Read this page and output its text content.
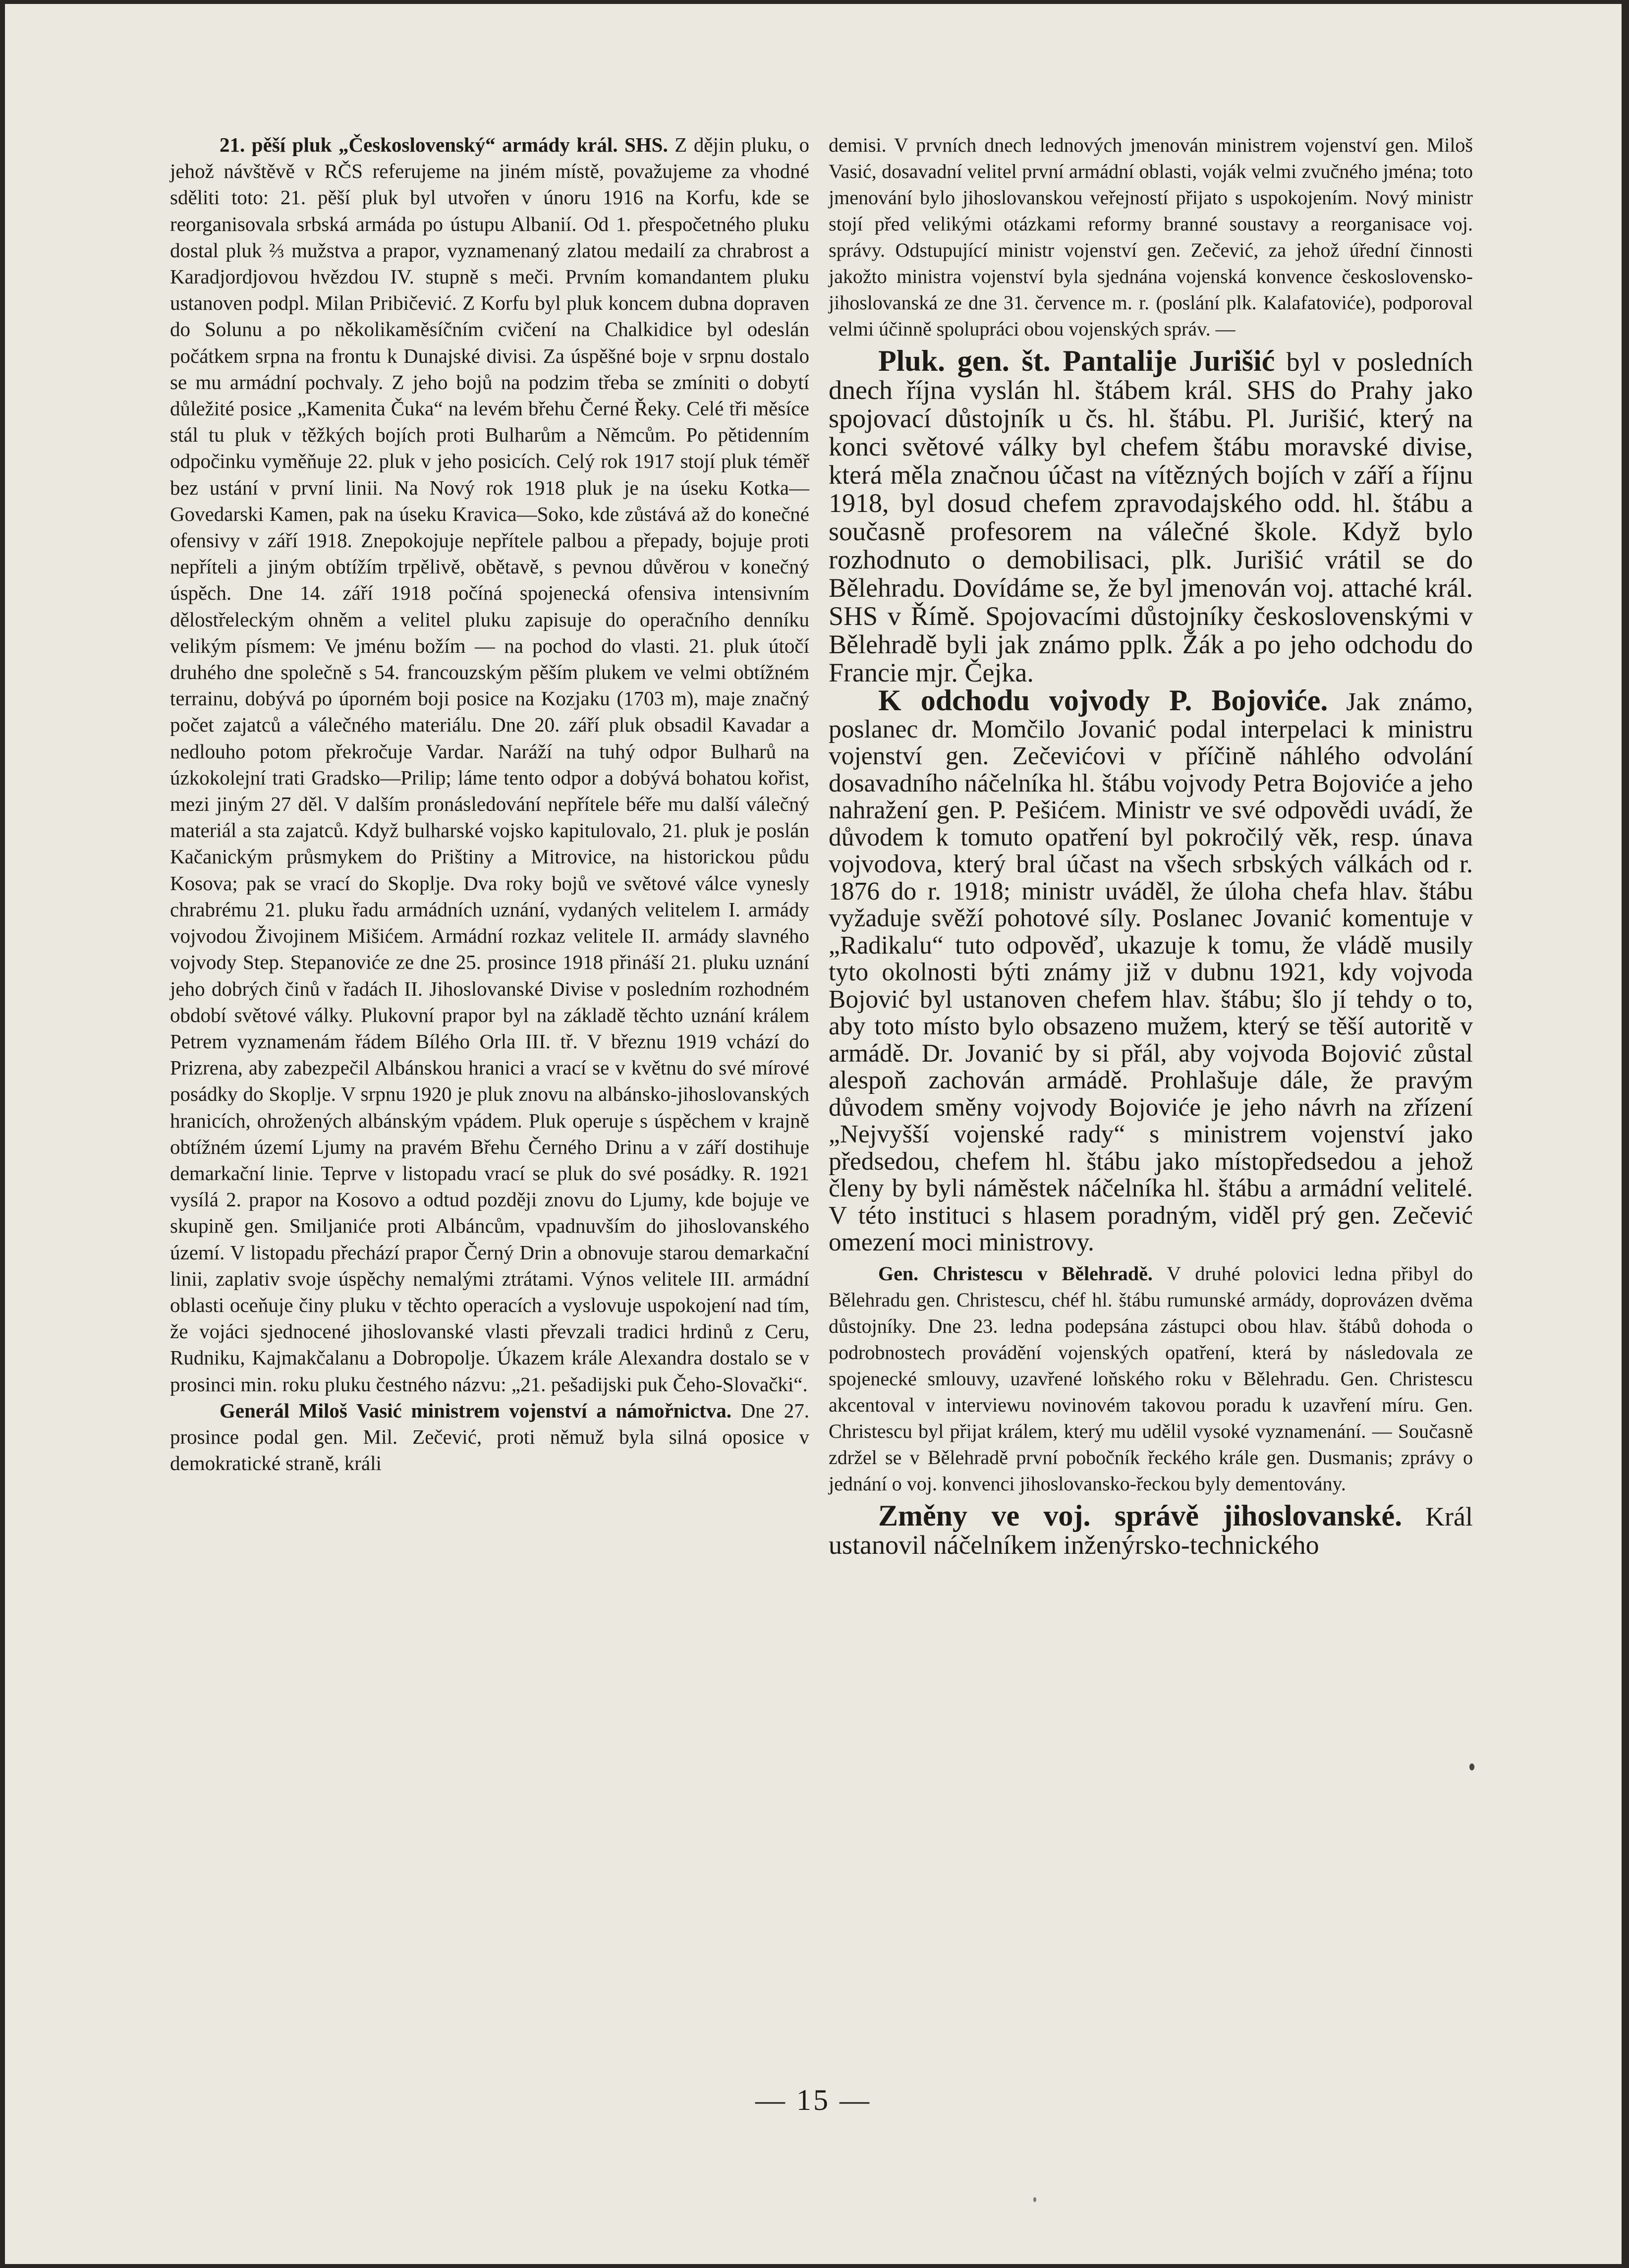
21. pěší pluk „Československý“ armády král. SHS. Z dějin pluku, o jehož návštěvě v RČS referujeme na jiném místě, považujeme za vhodné sděliti toto: 21. pěší pluk byl utvořen v únoru 1916 na Korfu, kde se reorganisovala srbská armáda po ústupu Albanií. Od 1. přespočetného pluku dostal pluk ⅔ mužstva a prapor, vyznamenaný zlatou medailí za chrabrost a Karadjordjovou hvězdou IV. stupně s meči. Prvním komandantem pluku ustanoven podpl. Milan Pribičević. Z Korfu byl pluk koncem dubna dopraven do Solunu a po několikaměsíčním cvičení na Chalkidice byl odeslán počátkem srpna na frontu k Dunajské divisi. Za úspěšné boje v srpnu dostalo se mu armádní pochvaly. Z jeho bojů na podzim třeba se zmíniti o dobytí důležité posice „Kamenita Čuka“ na levém břehu Černé Řeky. Celé tři měsíce stál tu pluk v těžkých bojích proti Bulharům a Němcům. Po pětidenním odpočinku vyměňuje 22. pluk v jeho posicích. Celý rok 1917 stojí pluk téměř bez ustání v první linii. Na Nový rok 1918 pluk je na úseku Kotka—Govedarski Kamen, pak na úseku Kravica—Soko, kde zůstává až do konečné ofensivy v září 1918. Znepokojuje nepřítele palbou a přepady, bojuje proti nepříteli a jiným obtížím trpělivě, obětavě, s pevnou důvěrou v konečný úspěch. Dne 14. září 1918 počíná spojenecká ofensiva intensivním dělostřeleckým ohněm a velitel pluku zapisuje do operačního denníku velikým písmem: Ve jménu božím — na pochod do vlasti. 21. pluk útočí druhého dne společně s 54. francouzským pěším plukem ve velmi obtížném terrainu, dobývá po úporném boji posice na Kozjaku (1703 m), maje značný počet zajatců a válečného materiálu. Dne 20. září pluk obsadil Kavadar a nedlouho potom překročuje Vardar. Naráží na tuhý odpor Bulharů na úzkokolejní trati Gradsko—Prilip; láme tento odpor a dobývá bohatou kořist, mezi jiným 27 děl. V dalším pronásledování nepřítele béře mu další válečný materiál a sta zajatců. Když bulharské vojsko kapitulovalo, 21. pluk je poslán Kačanickým průsmykem do Prištiny a Mitrovice, na historickou půdu Kosova; pak se vrací do Skoplje. Dva roky bojů ve světové válce vynesly chrabrému 21. pluku řadu armádních uznání, vydaných velitelem I. armády vojvodou Živojinem Mišićem. Armádní rozkaz velitele II. armády slavného vojvody Step. Stepanoviće ze dne 25. prosince 1918 přináší 21. pluku uznání jeho dobrých činů v řadách II. Jihoslovanské Divise v posledním rozhodném období světové války. Plukovní prapor byl na základě těchto uznání králem Petrem vyznamenám řádem Bílého Orla III. tř. V březnu 1919 vchází do Prizrena, aby zabezpečil Albánskou hranici a vrací se v květnu do své mírové posádky do Skoplje. V srpnu 1920 je pluk znovu na albánsko-jihoslovanských hranicích, ohrožených albánským vpádem. Pluk operuje s úspěchem v krajně obtížném území Ljumy na pravém Břehu Černého Drinu a v září dostihuje demarkační linie. Teprve v listopadu vrací se pluk do své posádky. R. 1921 vysílá 2. prapor na Kosovo a odtud později znovu do Ljumy, kde bojuje ve skupině gen. Smiljaniće proti Albáncům, vpadnuvším do jihoslovanského území. V listopadu přechází prapor Černý Drin a obnovuje starou demarkační linii, zaplativ svoje úspěchy nemalými ztrátami. Výnos velitele III. armádní oblasti oceňuje činy pluku v těchto operacích a vyslovuje uspokojení nad tím, že vojáci sjednocené jihoslovanské vlasti převzali tradici hrdinů z Ceru, Rudniku, Kajmakčalanu a Dobropolje. Úkazem krále Alexandra dostalo se v prosinci min. roku pluku čestného názvu: „21. pešadijski puk Čeho-Slovački“.

Generál Miloš Vasić ministrem vojenství a námořnictva. Dne 27. prosince podal gen. Mil. Zečević, proti němuž byla silná oposice v demokratické straně, králi

demisi. V prvních dnech lednových jmenován ministrem vojenství gen. Miloš Vasić, dosavadní velitel první armádní oblasti, voják velmi zvučného jména; toto jmenování bylo jihoslovanskou veřejností přijato s uspokojením. Nový ministr stojí před velikými otázkami reformy branné soustavy a reorganisace voj. správy. Odstupující ministr vojenství gen. Zečević, za jehož úřední činnosti jakožto ministra vojenství byla sjednána vojenská konvence československo-jihoslovanská ze dne 31. července m. r. (poslání plk. Kalafatoviće), podporoval velmi účinně spolupráci obou vojenských správ. —

Pluk. gen. št. Pantalije Jurišić byl v posledních dnech října vyslán hl. štábem král. SHS do Prahy jako spojovací důstojník u čs. hl. štábu. Pl. Jurišić, který na konci světové války byl chefem štábu moravské divise, která měla značnou účast na vítězných bojích v září a říjnu 1918, byl dosud chefem zpravodajského odd. hl. štábu a současně profesorem na válečné škole. Když bylo rozhodnuto o demobilisaci, plk. Jurišić vrátil se do Bělehradu. Dovídáme se, že byl jmenován voj. attaché král. SHS v Římě. Spojovacími důstojníky československými v Bělehradě byli jak známo pplk. Žák a po jeho odchodu do Francie mjr. Čejka.

K odchodu vojvody P. Bojoviće. Jak známo, poslanec dr. Momčilo Jovanić podal interpelaci k ministru vojenství gen. Zečevićovi v příčině náhlého odvolání dosavadního náčelníka hl. štábu vojvody Petra Bojoviće a jeho nahražení gen. P. Pešićem. Ministr ve své odpovědi uvádí, že důvodem k tomuto opatření byl pokročilý věk, resp. únava vojvodova, který bral účast na všech srbských válkách od r. 1876 do r. 1918; ministr uváděl, že úloha chefa hlav. štábu vyžaduje svěží pohotové síly. Poslanec Jovanić komentuje v „Radikalu“ tuto odpověď, ukazuje k tomu, že vládě musily tyto okolnosti býti známy již v dubnu 1921, kdy vojvoda Bojović byl ustanoven chefem hlav. štábu; šlo jí tehdy o to, aby toto místo bylo obsazeno mužem, který se těší autoritě v armádě. Dr. Jovanić by si přál, aby vojvoda Bojović zůstal alespoň zachován armádě. Prohlašuje dále, že pravým důvodem směny vojvody Bojoviće je jeho návrh na zřízení „Nejvyšší vojenské rady“ s ministrem vojenství jako předsedou, chefem hl. štábu jako místopředsedou a jehož členy by byli náměstek náčelníka hl. štábu a armádní velitelé. V této instituci s hlasem poradným, viděl prý gen. Zečević omezení moci ministrovy.

Gen. Christescu v Bělehradě. V druhé polovici ledna přibyl do Bělehradu gen. Christescu, chéf hl. štábu rumunské armády, doprovázen dvěma důstojníky. Dne 23. ledna podepsána zástupci obou hlav. štábů dohoda o podrobnostech provádění vojenských opatření, která by následovala ze spojenecké smlouvy, uzavřené loňského roku v Bělehradu. Gen. Christescu akcentoval v interviewu novinovém takovou poradu k uzavření míru. Gen. Christescu byl přijat králem, který mu udělil vysoké vyznamenání. — Současně zdržel se v Bělehradě první pobočník řeckého krále gen. Dusmanis; zprávy o jednání o voj. konvenci jihoslovansko-řeckou byly dementovány.

Změny ve voj. správě jihoslovanské. Král ustanovil náčelníkem inženýrsko-technického

— 15 —
